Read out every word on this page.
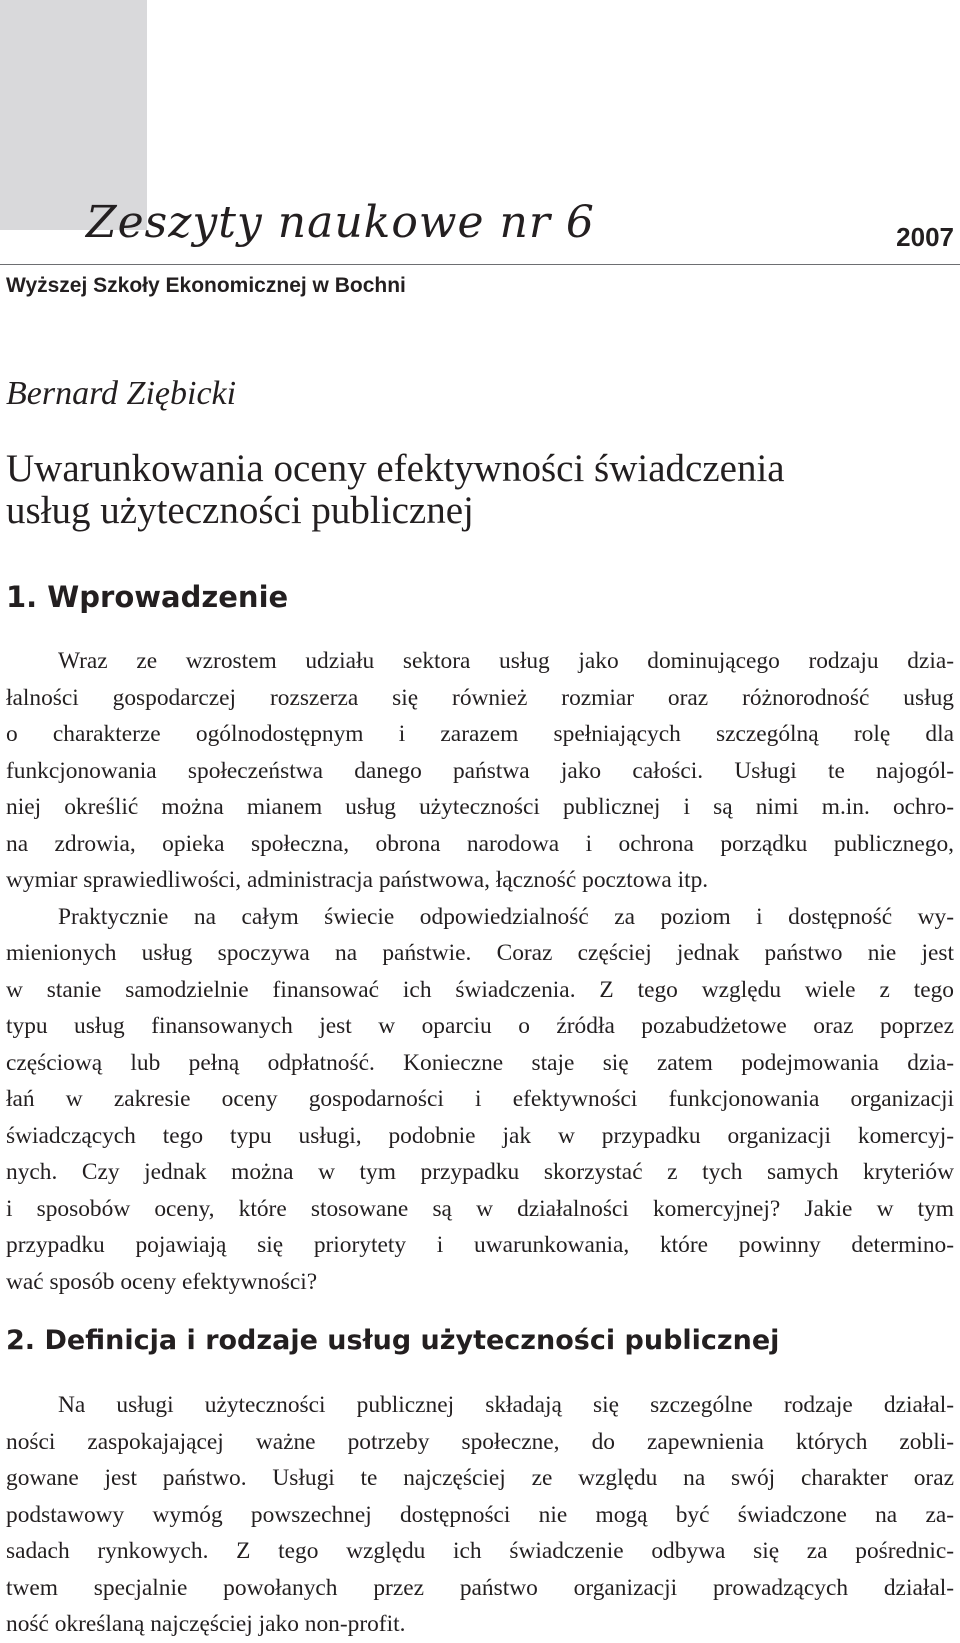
Zeszyty naukowe nr 6	2007
Wyższej Szkoły Ekonomicznej w Bochni
Bernard Ziębicki
Uwarunkowania oceny efektywności świadczenia
usług użyteczności publicznej
1. Wprowadzenie
Wraz ze wzrostem udziału sektora usług jako dominującego rodzaju dzia-
łalności gospodarczej rozszerza się również rozmiar oraz różnorodność usług
o charakterze ogólnodostępnym i zarazem spełniających szczególną rolę dla
funkcjonowania społeczeństwa danego państwa jako całości. Usługi te najogól-
niej określić można mianem usług użyteczności publicznej i są nimi m.in. ochro-
na zdrowia, opieka społeczna, obrona narodowa i ochrona porządku publicznego,
wymiar sprawiedliwości, administracja państwowa, łączność pocztowa itp.
Praktycznie na całym świecie odpowiedzialność za poziom i dostępność wy-
mienionych usług spoczywa na państwie. Coraz częściej jednak państwo nie jest
w stanie samodzielnie finansować ich świadczenia. Z tego względu wiele z tego
typu usług finansowanych jest w oparciu o źródła pozabudżetowe oraz poprzez
częściową lub pełną odpłatność. Konieczne staje się zatem podejmowania dzia-
łań w zakresie oceny gospodarności i efektywności funkcjonowania organizacji
świadczących tego typu usługi, podobnie jak w przypadku organizacji komercyj-
nych. Czy jednak można w tym przypadku skorzystać z tych samych kryteriów
i sposobów oceny, które stosowane są w działalności komercyjnej? Jakie w tym
przypadku pojawiają się priorytety i uwarunkowania, które powinny determino-
wać sposób oceny efektywności?
2. Definicja i rodzaje usług użyteczności publicznej
Na usługi użyteczności publicznej składają się szczególne rodzaje działal-
ności zaspokajającej ważne potrzeby społeczne, do zapewnienia których zobli-
gowane jest państwo. Usługi te najczęściej ze względu na swój charakter oraz
podstawowy wymóg powszechnej dostępności nie mogą być świadczone na za-
sadach rynkowych. Z tego względu ich świadczenie odbywa się za pośrednic-
twem specjalnie powołanych przez państwo organizacji prowadzących działal-
ność określaną najczęściej jako non-profit.
